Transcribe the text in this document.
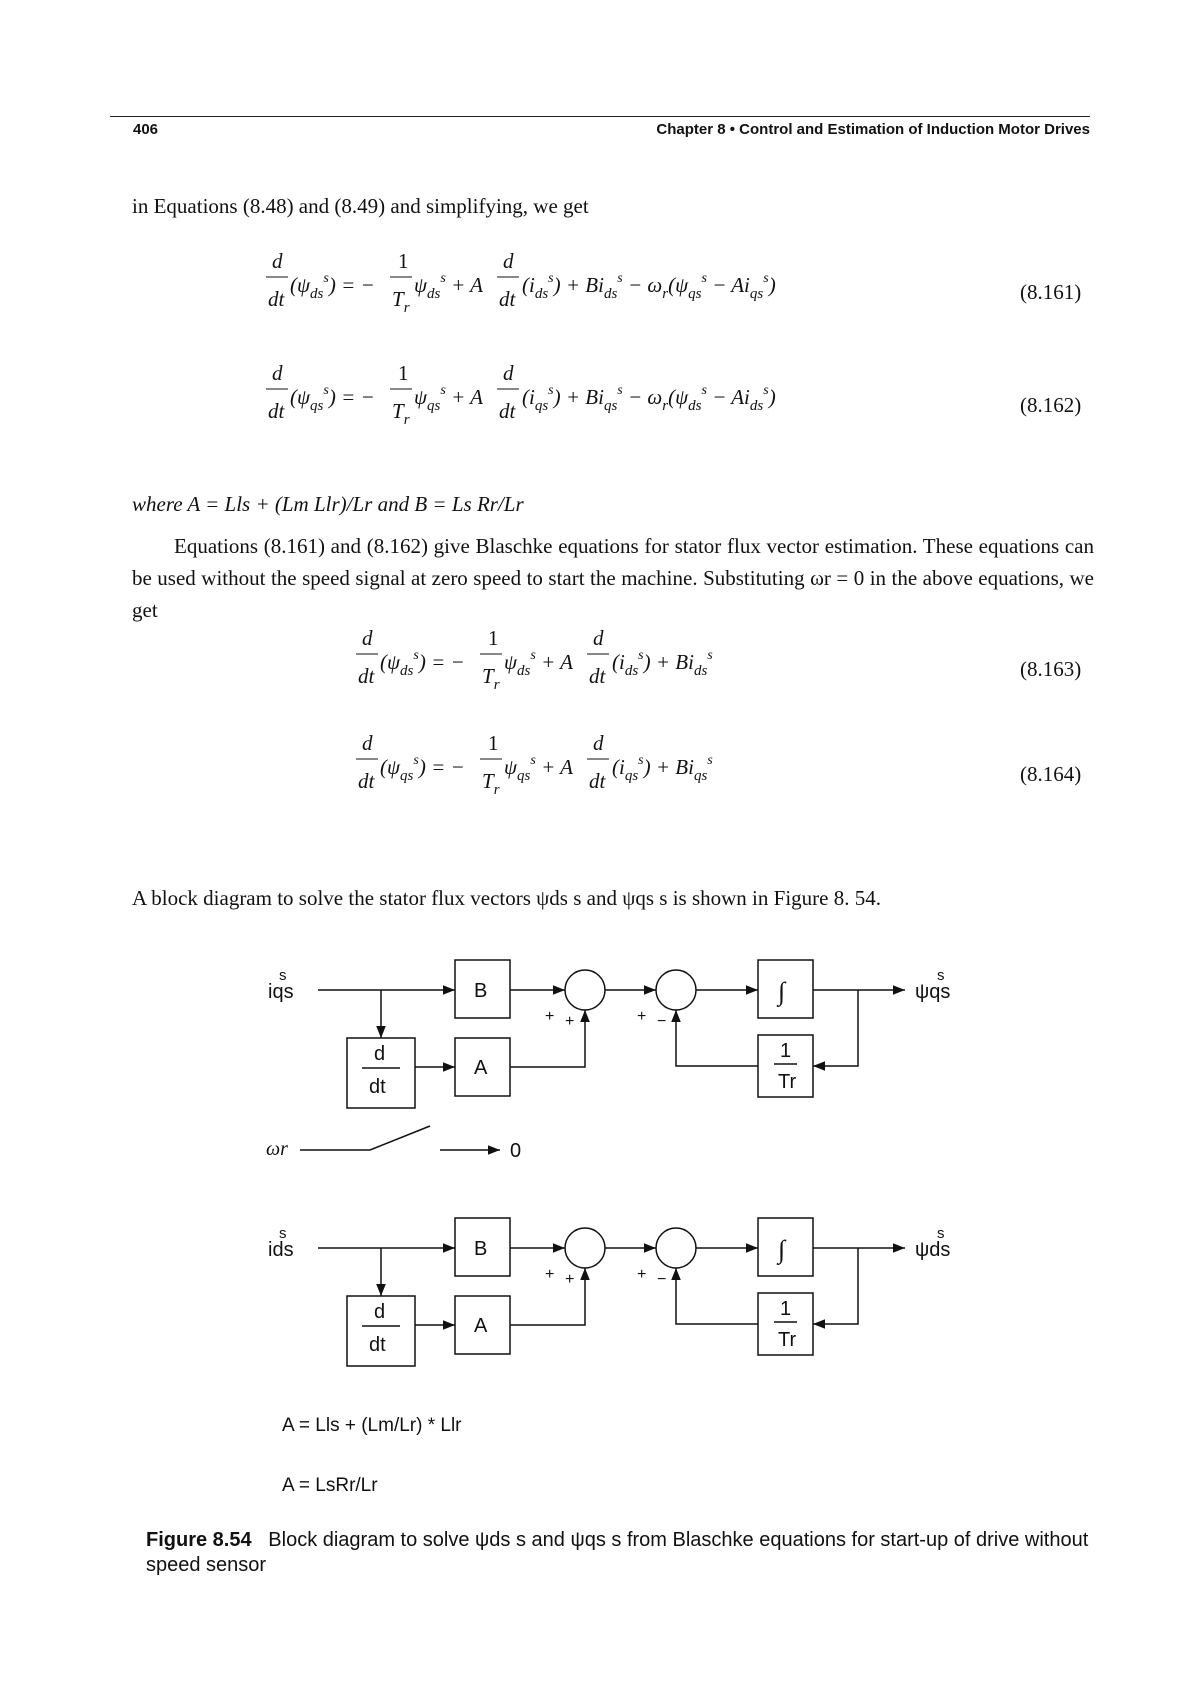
406	Chapter 8 • Control and Estimation of Induction Motor Drives
in Equations (8.48) and (8.49) and simplifying, we get
d
dt
$(\psi_{ds}^s)$ = −
1
$T_r$
$\psi_{ds}^s + A$
d
dt
$(i_{ds}^s) + Bi_{ds}^s - \omega_r(\psi_{qs}^s - Ai_{qs}^s)$
d
dt
$(\psi_{qs}^s)$ = −
1
$T_r$
$\psi_{qs}^s + A$
d
dt
$(i_{qs}^s) + Bi_{qs}^s - \omega_r(\psi_{ds}^s - Ai_{ds}^s)$
d
dt
$(\psi_{ds}^s)$ = −
1
$T_r$
$\psi_{ds}^s + A$
d
dt
$(i_{ds}^s) + Bi_{ds}^s$
d
dt
$(\psi_{qs}^s)$ = −
1
$T_r$
$\psi_{qs}^s + A$
d
dt
$(i_{qs}^s) + Bi_{qs}^s$
(8.161)
(8.162)
(8.163)
(8.164)
where A = Lls + (Lm Llr)/Lr and B = Ls Rr/Lr
Equations (8.161) and (8.162) give Blaschke equations for stator flux vector estimation. These equations can be used without the speed signal at zero speed to start the machine. Substituting ωr = 0 in the above equations, we get
A block diagram to solve the stator flux vectors ψds s and ψqs s is shown in Figure 8. 54.
iqs
s
B
+ +	+ −
∫	ψqs
s
1
Tr
d
dt
A
ωr	0
ids
s
B
+ +	+ −
∫	ψds
s
1
Tr
d
dt
A
A = Lls + (Lm/Lr) * Llr
A = LsRr/Lr
Figure 8.54 Block diagram to solve ψds s and ψqs s from Blaschke equations for start-up of drive without speed sensor
